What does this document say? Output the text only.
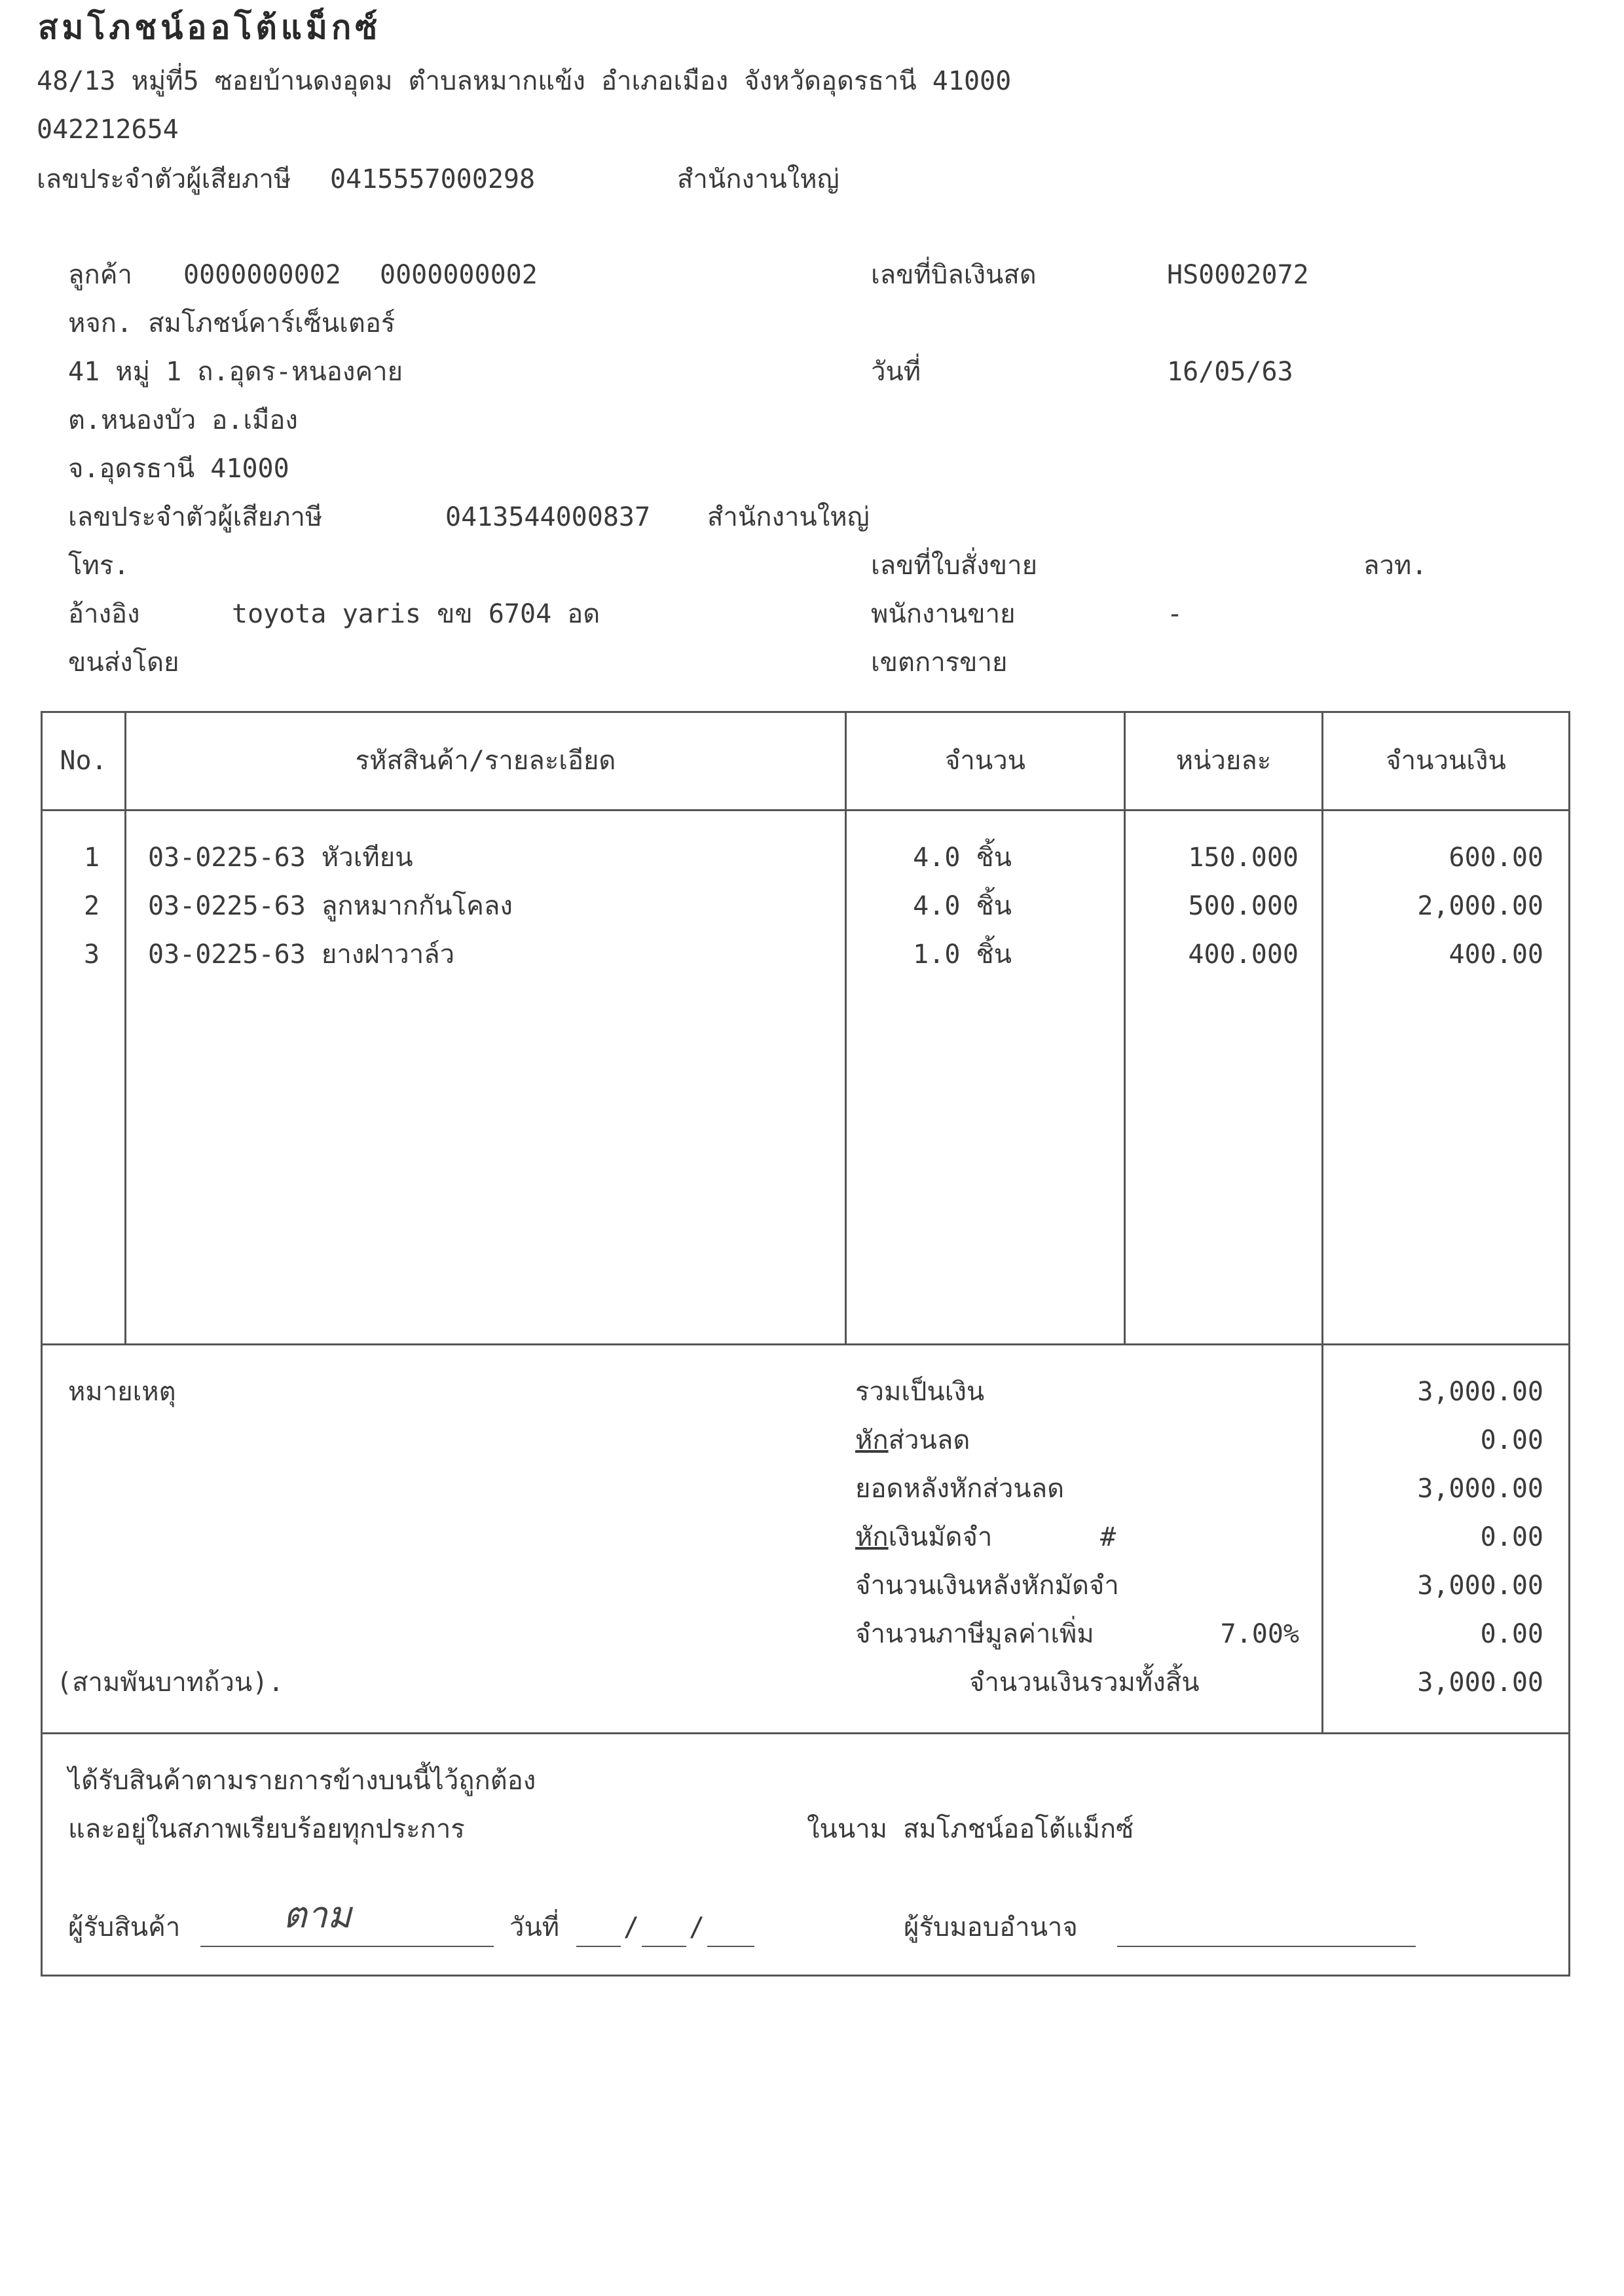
สมโภชน์ออโต้แม็กซ์
48/13 หมู่ที่5 ซอยบ้านดงอุดม ตำบลหมากแข้ง อำเภอเมือง จังหวัดอุดรธานี 41000
042212654
เลขประจำตัวผู้เสียภาษี 0415557000298	สำนักงานใหญ่
ลูกค้า 0000000002 0000000002
หจก. สมโภชน์คาร์เซ็นเตอร์
41 หมู่ 1 ถ.อุดร-หนองคาย
ต.หนองบัว อ.เมือง
จ.อุดรธานี 41000
เลขประจำตัวผู้เสียภาษี	0413544000837 สำนักงานใหญ่
โทร.
อ้างอิง	toyota yaris ขข 6704 อด
ขนส่งโดย
เลขที่บิลเงินสด	HS0002072
วันที่	16/05/63
เลขที่ใบสั่งขาย	ลวท.
พนักงานขาย	-
เขตการขาย
No.	รหัสสินค้า/รายละเอียด	จำนวน	หน่วยละ	จำนวนเงิน
1	03-0225-63 หัวเทียน	4.0 ชิ้น	150.000	600.00
2	03-0225-63 ลูกหมากกันโคลง	4.0 ชิ้น	500.000	2,000.00
3	03-0225-63 ยางฝาวาล์ว	1.0 ชิ้น	400.000	400.00
หมายเหตุ	รวมเป็นเงิน	3,000.00
หักส่วนลด	0.00
ยอดหลังหักส่วนลด	3,000.00
หักเงินมัดจำ	#	0.00
จำนวนเงินหลังหักมัดจำ	3,000.00
จำนวนภาษีมูลค่าเพิ่ม	7.00%	0.00
(สามพันบาทถ้วน).	จำนวนเงินรวมทั้งสิ้น	3,000.00
ได้รับสินค้าตามรายการข้างบนนี้ไว้ถูกต้อง
และอยู่ในสภาพเรียบร้อยทุกประการ	ในนาม สมโภชน์ออโต้แม็กซ์
ผู้รับสินค้า	ตาม	วันที่ / /	ผู้รับมอบอำนาจ
